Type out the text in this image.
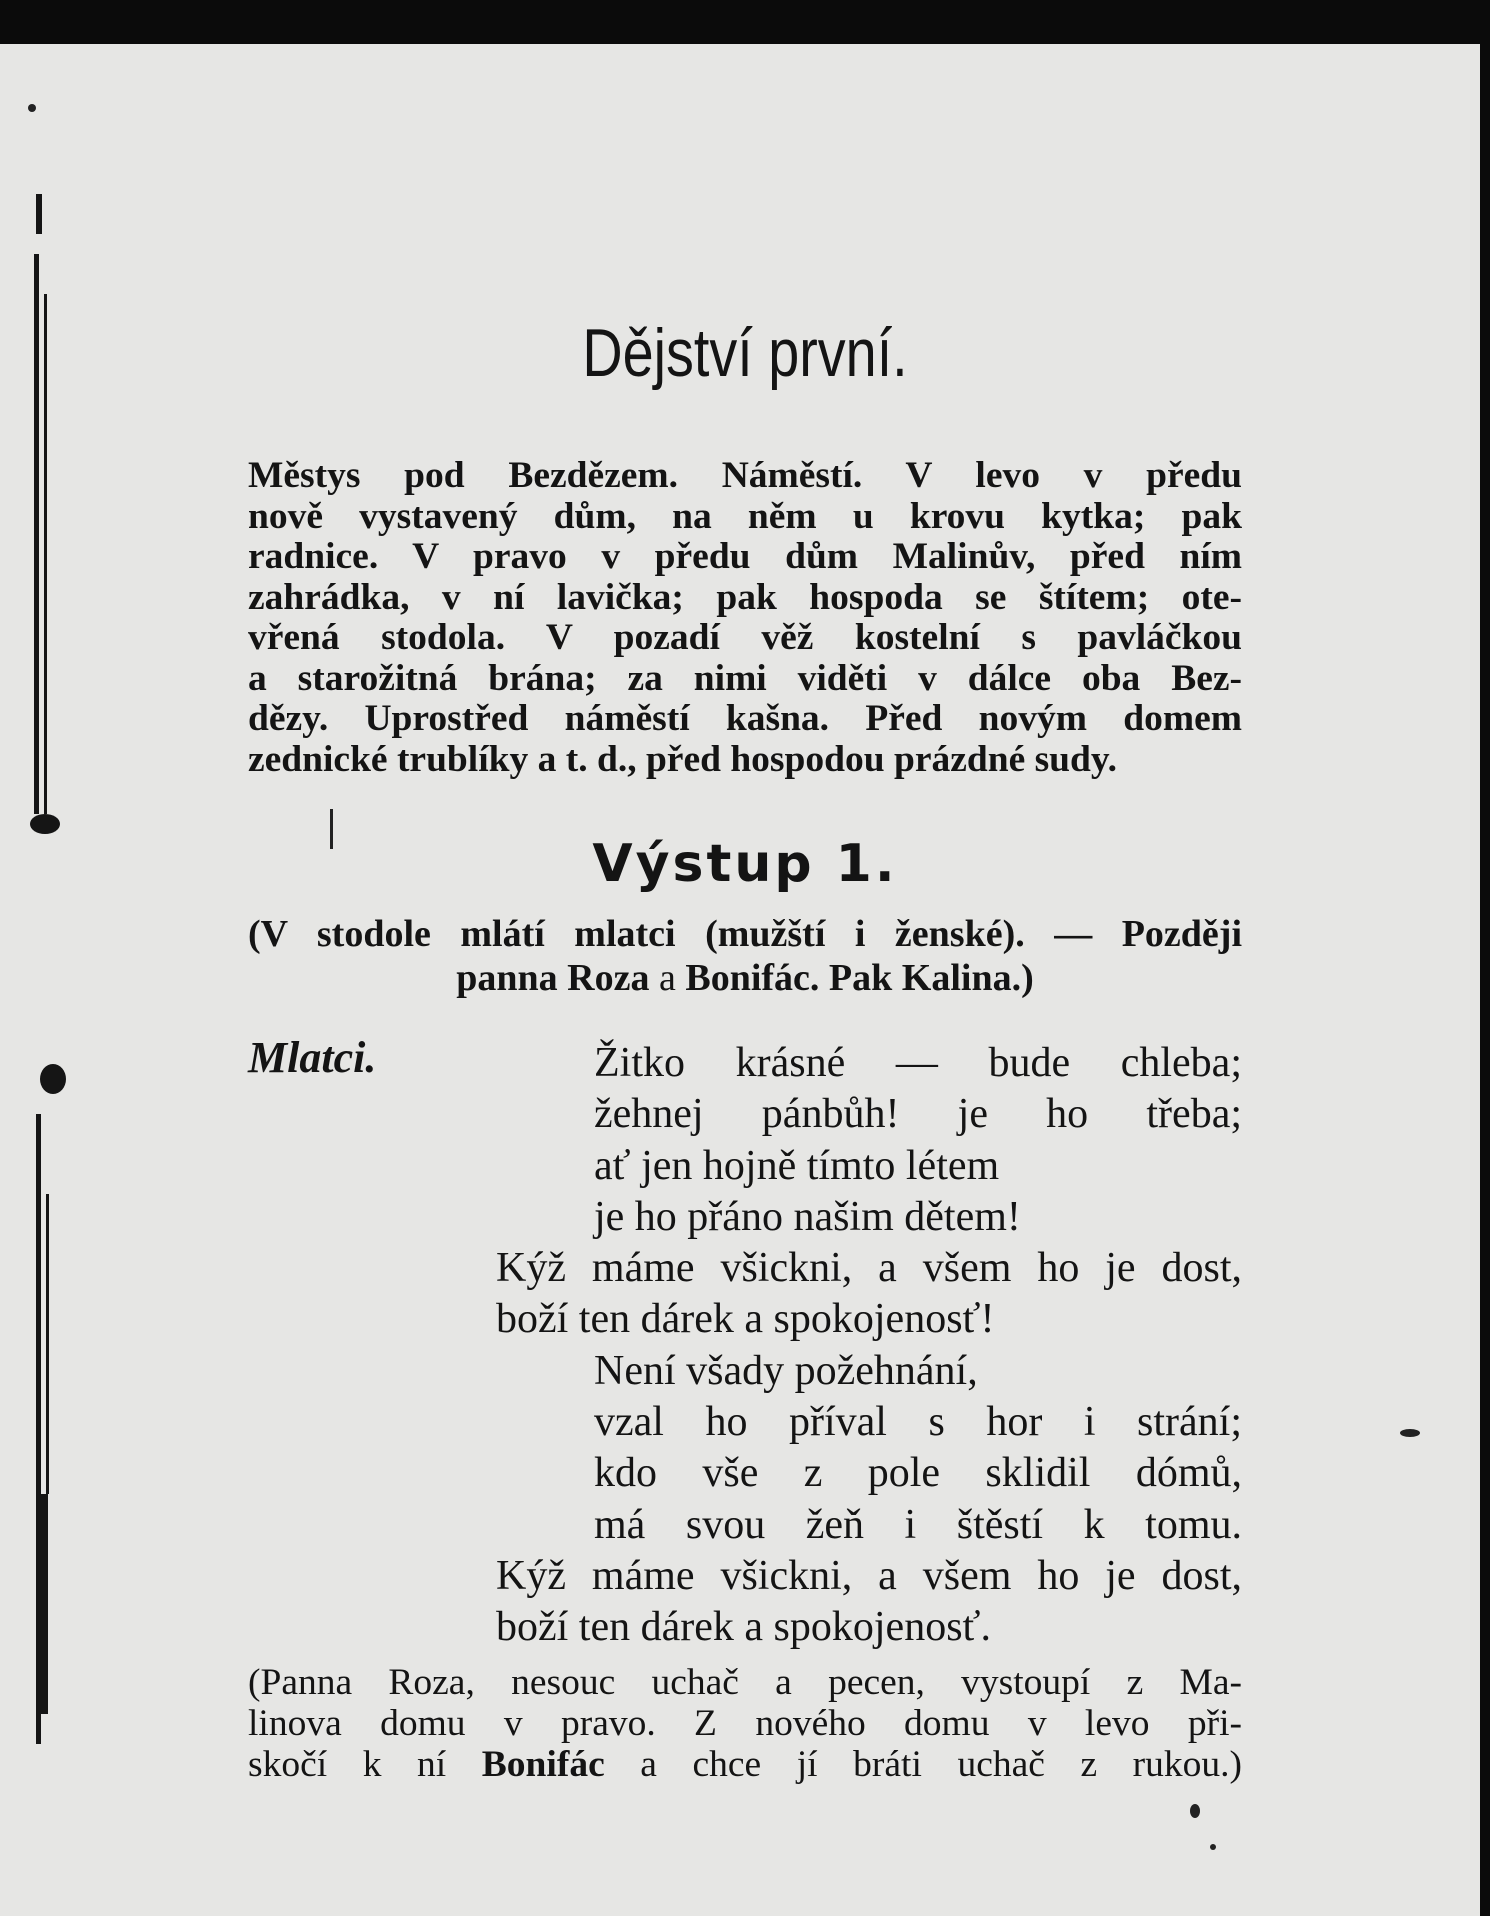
Dějství první.

Městys pod Bezdězem. Náměstí. V levo v předu
nově vystavený dům, na něm u krovu kytka; pak
radnice. V pravo v předu dům Malinův, před ním
zahrádka, v ní lavička; pak hospoda se štítem; ote-
vřená stodola. V pozadí věž kostelní s pavláčkou
a starožitná brána; za nimi viděti v dálce oba Bez-
dězy. Uprostřed náměstí kašna. Před novým domem
zednické trublíky a t. d., před hospodou prázdné sudy.

Výstup 1.

(V stodole mlátí mlatci (mužští i ženské). — Později
panna Roza a Bonifác. Pak Kalina.)

Mlatci.	Žitko krásné — bude chleba;
žehnej pánbůh! je ho třeba;
ať jen hojně tímto létem
je ho přáno našim dětem!
Kýž máme všickni, a všem ho je dost,
boží ten dárek a spokojenosť!
Není všady požehnání,
vzal ho příval s hor i strání;
kdo vše z pole sklidil dómů,
má svou žeň i štěstí k tomu.
Kýž máme všickni, a všem ho je dost,
boží ten dárek a spokojenosť.

(Panna Roza, nesouc uchač a pecen, vystoupí z Ma-
linova domu v pravo. Z nového domu v levo při-
skočí k ní Bonifác a chce jí bráti uchač z rukou.)
